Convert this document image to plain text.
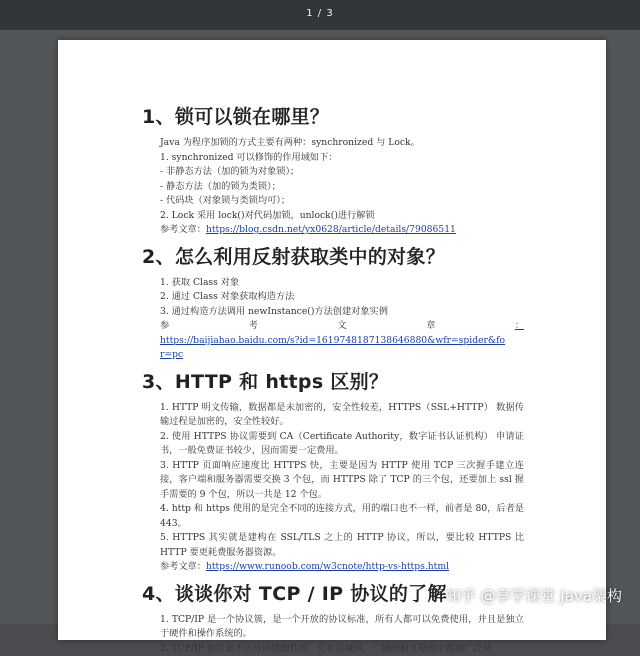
1 / 3
1、锁可以锁在哪里？
Java 为程序加锁的方式主要有两种：synchronized 与 Lock。
1. synchronized 可以修饰的作用域如下：
- 非静态方法（加的锁为对象锁）；
- 静态方法（加的锁为类锁）；
- 代码块（对象锁与类锁均可）；
2. Lock 采用 lock()对代码加锁，unlock()进行解锁
参考文章：https://blog.csdn.net/yx0628/article/details/79086511
2、怎么利用反射获取类中的对象？
1. 获取 Class 对象
2. 通过 Class 对象获取构造方法
3. 通过构造方法调用 newInstance()方法创建对象实例
参	考	文	章	：
https://baijiahao.baidu.com/s?id=1619748187138646880&wfr=spider&fo
r=pc
3、HTTP 和 https 区别？
1. HTTP 明文传输，数据都是未加密的，安全性较差，HTTPS（SSL+HTTP） 数据传输过程是加密的，安全性较好。
2. 使用 HTTPS 协议需要到 CA（Certificate Authority，数字证书认证机构） 申请证书，一般免费证书较少，因而需要一定费用。
3. HTTP 页面响应速度比 HTTPS 快，主要是因为 HTTP 使用 TCP 三次握手建立连接，客户端和服务器需要交换 3 个包，而 HTTPS 除了 TCP 的三个包，还要加上 ssl 握手需要的 9 个包，所以一共是 12 个包。
4. http 和 https 使用的是完全不同的连接方式，用的端口也不一样，前者是 80，后者是 443。
5. HTTPS 其实就是建构在 SSL/TLS 之上的 HTTP 协议，所以，要比较 HTTPS 比 HTTP 要更耗费服务器资源。
参考文章：https://www.runoob.com/w3cnote/http-vs-https.html
4、谈谈你对 TCP / IP 协议的了解
1. TCP/IP 是一个协议簇，是一个开放的协议标准，所有人都可以免费使用，并且是独立于硬件和操作系统的。
2. TCP/IP 协议是不区分网络硬件的，它在局域网，广域网和互联网中都被广泛使
知乎 @享学课堂 Java架构
